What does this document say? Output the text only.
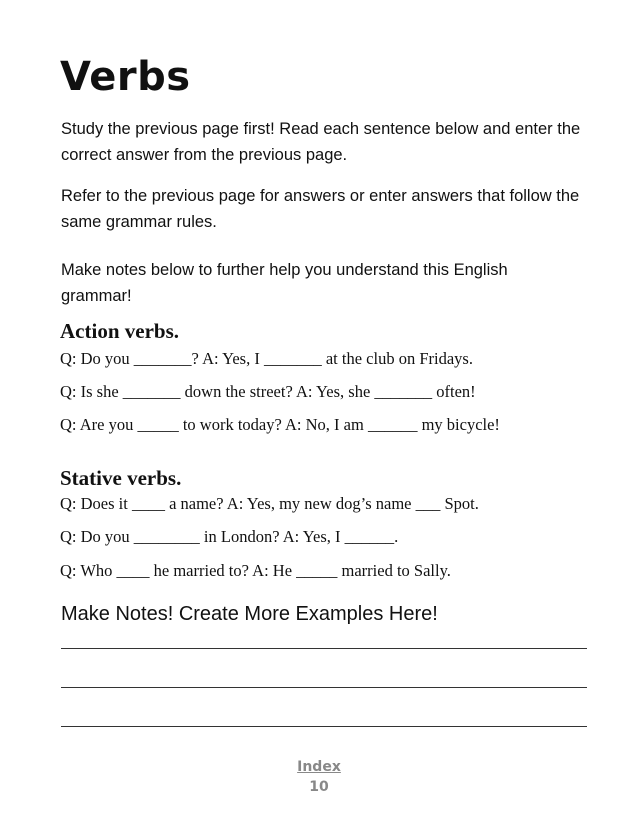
Verbs

Study the previous page first! Read each sentence below and enter the correct answer from the previous page.

Refer to the previous page for answers or enter answers that follow the same grammar rules.

Make notes below to further help you understand this English grammar!

Action verbs.

Q: Do you _______? A: Yes, I _______ at the club on Fridays.

Q: Is she _______ down the street? A: Yes, she _______ often!

Q: Are you _____ to work today? A: No, I am ______ my bicycle!

Stative verbs.

Q: Does it ____ a name? A: Yes, my new dog’s name ___ Spot.

Q: Do you ________ in London? A: Yes, I ______.

Q: Who ____ he married to? A: He _____ married to Sally.

Make Notes! Create More Examples Here!

Index
10
